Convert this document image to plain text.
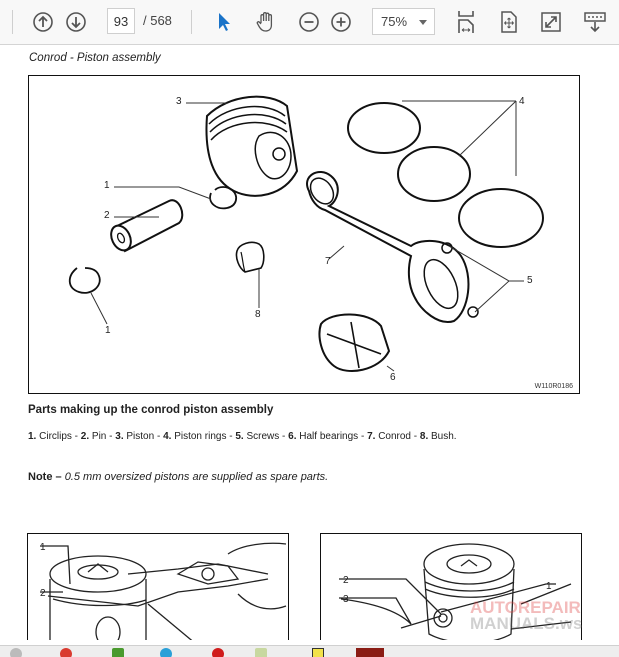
93	/ 568	75%
Conrod - Piston assembly
3
1
2
4
7
5
8
1
6
W110R0186
Parts making up the conrod piston assembly
1. Circlips - 2. Pin - 3. Piston - 4. Piston rings - 5. Screws - 6. Half bearings - 7. Conrod - 8. Bush.
Note – 0.5 mm oversized pistons are supplied as spare parts.
1
2
2
1
3	AUTOREPAIR
MANUALS.ws
